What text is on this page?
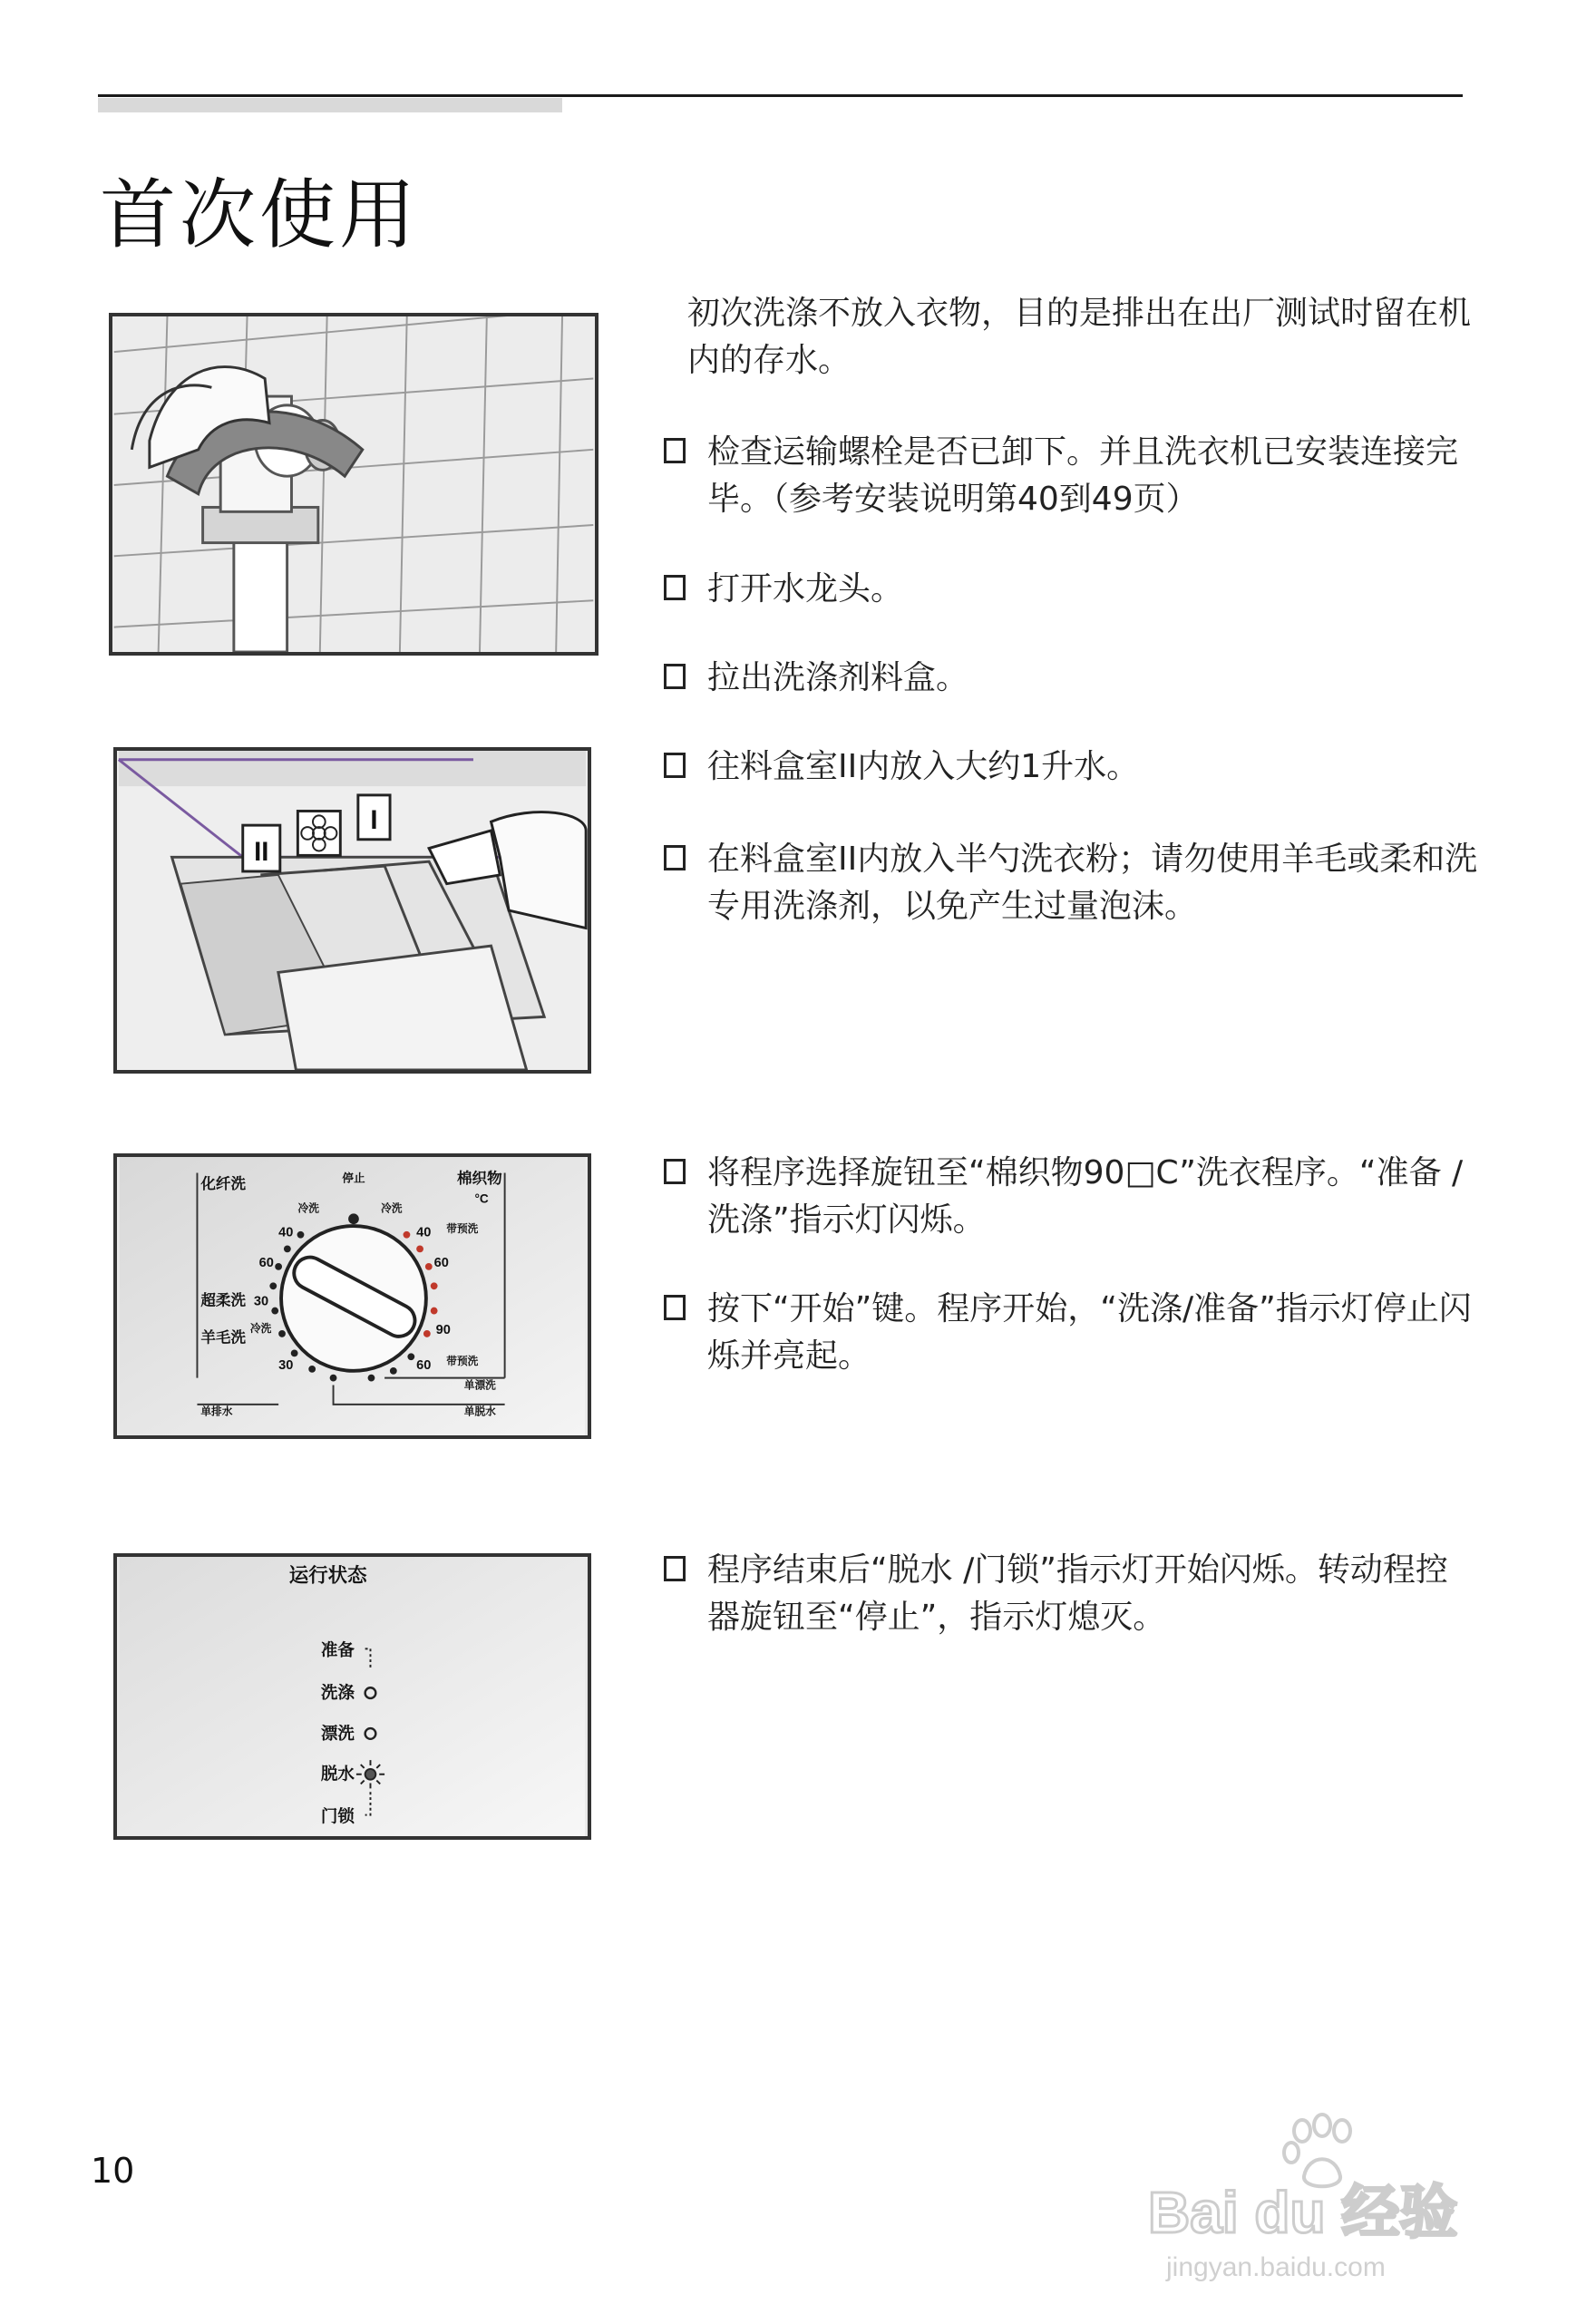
首次使用
II
I
化纤洗	停止	棉织物
°C
冷洗	冷洗
带预洗
超柔洗
羊毛洗
冷洗
带预洗
单漂洗
单排水	单脱水
40
60
30
30
40
60
90
60
运行状态
准备
洗涤
漂洗
脱水
门锁
初次洗涤不放入衣物，目的是排出在出厂测试时留在机内的存水。
检查运输螺栓是否已卸下。并且洗衣机已安装连接完毕。（参考安装说明第40到49页）
打开水龙头。
拉出洗涤剂料盒。
往料盒室II内放入大约1升水。
在料盒室II内放入半勺洗衣粉；请勿使用羊毛或柔和洗专用洗涤剂，以免产生过量泡沫。
将程序选择旋钮至“棉织物90□C”洗衣程序。“准备 /洗涤”指示灯闪烁。
按下“开始”键。程序开始，“洗涤/准备”指示灯停止闪烁并亮起。
程序结束后“脱水 /门锁”指示灯开始闪烁。转动程控器旋钮至“停止”，指示灯熄灭。
10
Bai du 经验
jingyan.baidu.com
